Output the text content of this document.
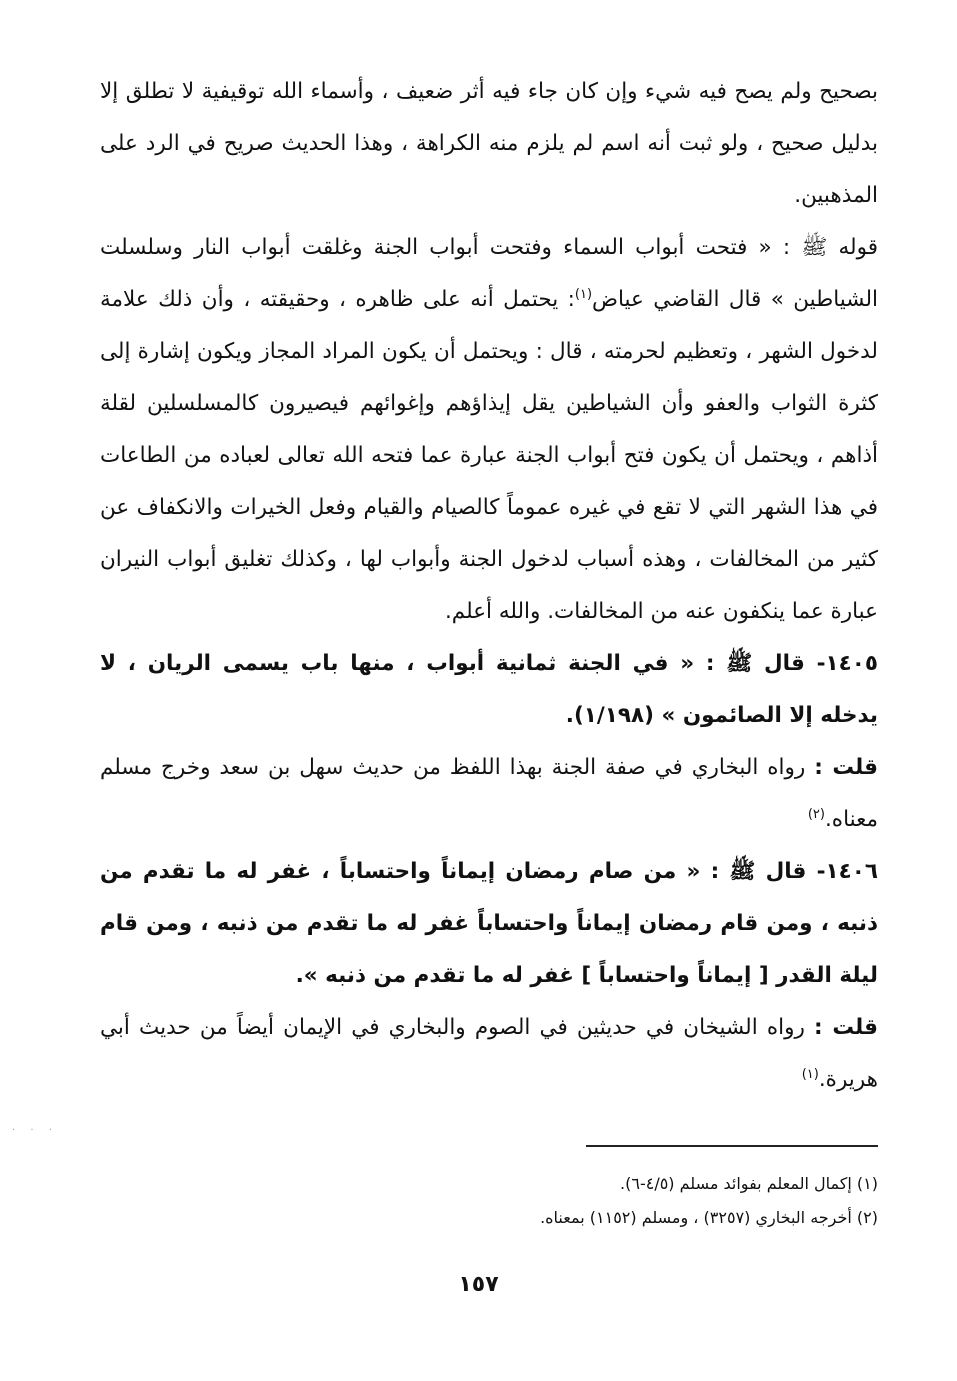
بصحيح ولم يصح فيه شيء وإن كان جاء فيه أثر ضعيف ، وأسماء الله توقيفية لا تطلق إلا بدليل صحيح ، ولو ثبت أنه اسم لم يلزم منه الكراهة ، وهذا الحديث صريح في الرد على المذهبين.

قوله ﷺ : « فتحت أبواب السماء وفتحت أبواب الجنة وغلقت أبواب النار وسلسلت الشياطين » قال القاضي عياض$^{(١)}$: يحتمل أنه على ظاهره ، وحقيقته ، وأن ذلك علامة لدخول الشهر ، وتعظيم لحرمته ، قال : ويحتمل أن يكون المراد المجاز ويكون إشارة إلى كثرة الثواب والعفو وأن الشياطين يقل إيذاؤهم وإغوائهم فيصيرون كالمسلسلين لقلة أذاهم ، ويحتمل أن يكون فتح أبواب الجنة عبارة عما فتحه الله تعالى لعباده من الطاعات في هذا الشهر التي لا تقع في غيره عموماً كالصيام والقيام وفعل الخيرات والانكفاف عن كثير من المخالفات ، وهذه أسباب لدخول الجنة وأبواب لها ، وكذلك تغليق أبواب النيران عبارة عما ينكفون عنه من المخالفات. والله أعلم.

١٤٠٥- قال ﷺ : « في الجنة ثمانية أبواب ، منها باب يسمى الريان ، لا يدخله إلا الصائمون » (١/١٩٨).

قلت : رواه البخاري في صفة الجنة بهذا اللفظ من حديث سهل بن سعد وخرج مسلم معناه.$^{(٢)}$

١٤٠٦- قال ﷺ : « من صام رمضان إيماناً واحتساباً ، غفر له ما تقدم من ذنبه ، ومن قام رمضان إيماناً واحتساباً غفر له ما تقدم من ذنبه ، ومن قام ليلة القدر [ إيماناً واحتساباً ] غفر له ما تقدم من ذنبه ».

قلت : رواه الشيخان في حديثين في الصوم والبخاري في الإيمان أيضاً من حديث أبي هريرة.$^{(١)}$

· · ·

(١) إكمال المعلم بفوائد مسلم (٤/٥-٦).

(٢) أخرجه البخاري (٣٢٥٧) ، ومسلم (١١٥٢) بمعناه.

١٥٧
